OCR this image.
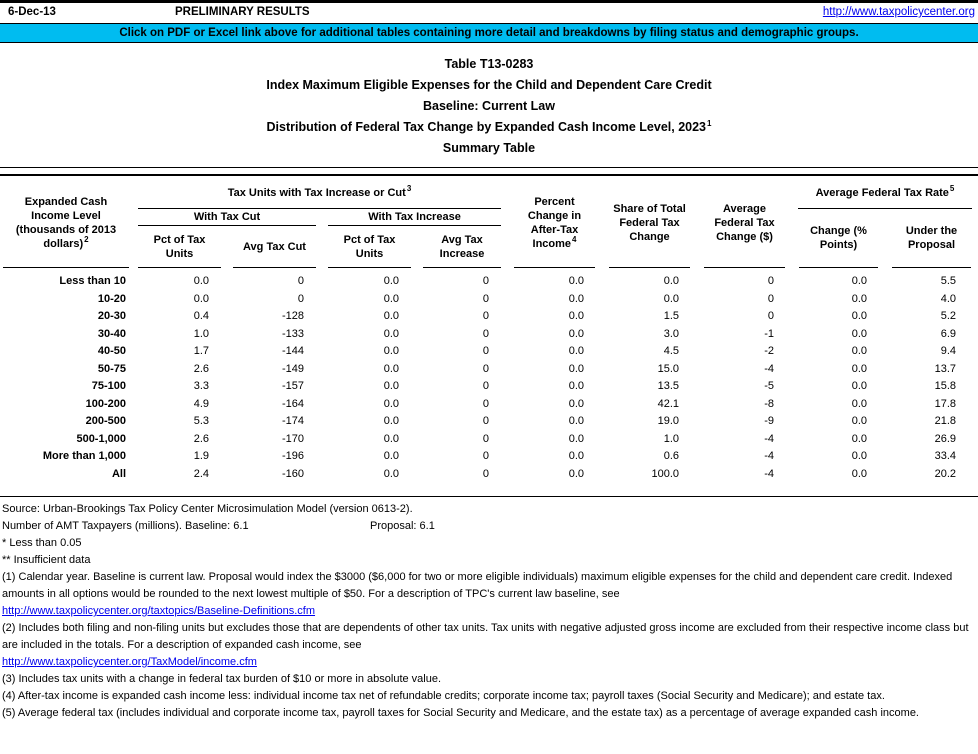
6-Dec-13	PRELIMINARY RESULTS	http://www.taxpolicycenter.org
Click on PDF or Excel link above for additional tables containing more detail and breakdowns by filing status and demographic groups.
Table T13-0283
Index Maximum Eligible Expenses for the Child and Dependent Care Credit
Baseline: Current Law
Distribution of Federal Tax Change by Expanded Cash Income Level, 2023$^1$
Summary Table
Expanded Cash Income Level (thousands of 2013 dollars)$^2$
Tax Units with Tax Increase or Cut$^3$
With Tax Cut	With Tax Increase
Pct of Tax Units
Avg Tax Cut
Pct of Tax Units
Avg Tax Increase
Percent Change in After-Tax Income$^4$
Share of Total Federal Tax Change
Average Federal Tax Change ($)
Average Federal Tax Rate$^5$
Change (% Points)
Under the Proposal
Less than 10	0.0	0	0.0	0	0.0	0.0	0	0.0	5.5
10-20	0.0	0	0.0	0	0.0	0.0	0	0.0	4.0
20-30	0.4	-128	0.0	0	0.0	1.5	0	0.0	5.2
30-40	1.0	-133	0.0	0	0.0	3.0	-1	0.0	6.9
40-50	1.7	-144	0.0	0	0.0	4.5	-2	0.0	9.4
50-75	2.6	-149	0.0	0	0.0	15.0	-4	0.0	13.7
75-100	3.3	-157	0.0	0	0.0	13.5	-5	0.0	15.8
100-200	4.9	-164	0.0	0	0.0	42.1	-8	0.0	17.8
200-500	5.3	-174	0.0	0	0.0	19.0	-9	0.0	21.8
500-1,000	2.6	-170	0.0	0	0.0	1.0	-4	0.0	26.9
More than 1,000	1.9	-196	0.0	0	0.0	0.6	-4	0.0	33.4
All	2.4	-160	0.0	0	0.0	100.0	-4	0.0	20.2

Source: Urban-Brookings Tax Policy Center Microsimulation Model (version 0613-2).

Number of AMT Taxpayers (millions). Baseline: 6.1	Proposal: 6.1

* Less than 0.05

** Insufficient data

(1) Calendar year. Baseline is current law. Proposal would index the $3000 ($6,000 for two or more eligible individuals) maximum eligible expenses for the child and dependent care credit. Indexed amounts in all options would be rounded to the next lowest multiple of $50. For a description of TPC's current law baseline, see

http://www.taxpolicycenter.org/taxtopics/Baseline-Definitions.cfm

(2) Includes both filing and non-filing units but excludes those that are dependents of other tax units. Tax units with negative adjusted gross income are excluded from their respective income class but are included in the totals. For a description of expanded cash income, see

http://www.taxpolicycenter.org/TaxModel/income.cfm

(3) Includes tax units with a change in federal tax burden of $10 or more in absolute value.

(4) After-tax income is expanded cash income less: individual income tax net of refundable credits; corporate income tax; payroll taxes (Social Security and Medicare); and estate tax.

(5) Average federal tax (includes individual and corporate income tax, payroll taxes for Social Security and Medicare, and the estate tax) as a percentage of average expanded cash income.
